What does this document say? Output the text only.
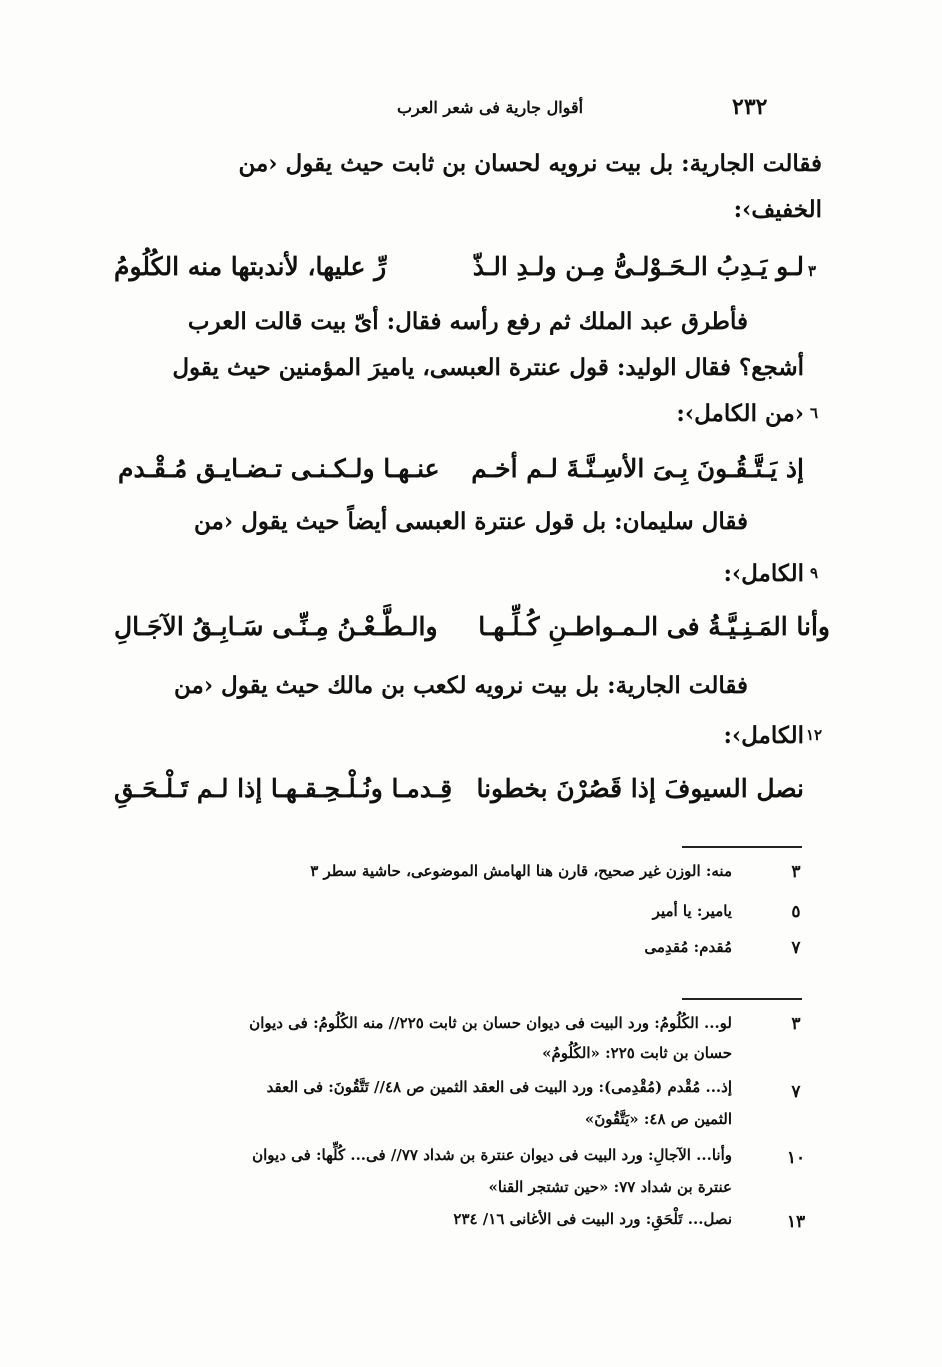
٢٣٢
أقوال جارية فى شعر العرب
فقالت الجارية: بل بيت نرويه لحسان بن ثابت حيث يقول ‹من
الخفيف›:
٣
لـو يَـدِبُ الـحَـوْلـىُّ مِـن ولـدِ الـذّ
رِّ عليها، لأندبتها منه الكُلُومُ
فأطرق عبد الملك ثم رفع رأسه فقال: أىّ بيت قالت العرب
أشجع؟ فقال الوليد: قول عنترة العبسى، ياميرَ المؤمنين حيث يقول
٦
‹من الكامل›:
إذ يَـتَّـقُـونَ بِـىَ الأسِـنَّـةَ لـم أخـم
عنـهـا ولـكـنـى تـضـايـق مُـقْـدم
فقال سليمان: بل قول عنترة العبسى أيضاً حيث يقول ‹من
٩
الكامل›:
وأنا المَـنِـيَّـةُ فى الـمـواطـنِ كُـلِّـهـا
والـطَّـعْـنُ مِـنِّـى سَـابِـقُ الآجَـالِ
فقالت الجارية: بل بيت نرويه لكعب بن مالك حيث يقول ‹من
١٢
الكامل›:
نصل السيوفَ إذا قَصُرْنَ بخطونا
قِـدمـا ونُـلْـحِـقـهـا إذا لـم تَـلْـحَـقِ
٣
منه: الوزن غير صحيح، قارن هنا الهامش الموضوعى، حاشية سطر ٣
٥
يامير: يا أمير
٧
مُقدم: مُقدِمى
٣
لو... الكُلُومُ: ورد البيت فى ديوان حسان بن ثابت ٢٢٥// منه الكُلُومُ: فى ديوان
حسان بن ثابت ٢٢٥: «الكُلُومُ»
٧
إذ... مُقْدم (مُقْدِمى): ورد البيت فى العقد الثمين ص ٤٨// تَتَّقُونَ: فى العقد
الثمين ص ٤٨: «يَتَّقُونَ»
١٠
وأنا... الآجالِ: ورد البيت فى ديوان عنترة بن شداد ٧٧// فى... كُلِّها: فى ديوان
عنترة بن شداد ٧٧: «حين تشتجر القنا»
١٣
نصل... تَلْحَقِ: ورد البيت فى الأغانى ١٦/ ٢٣٤
